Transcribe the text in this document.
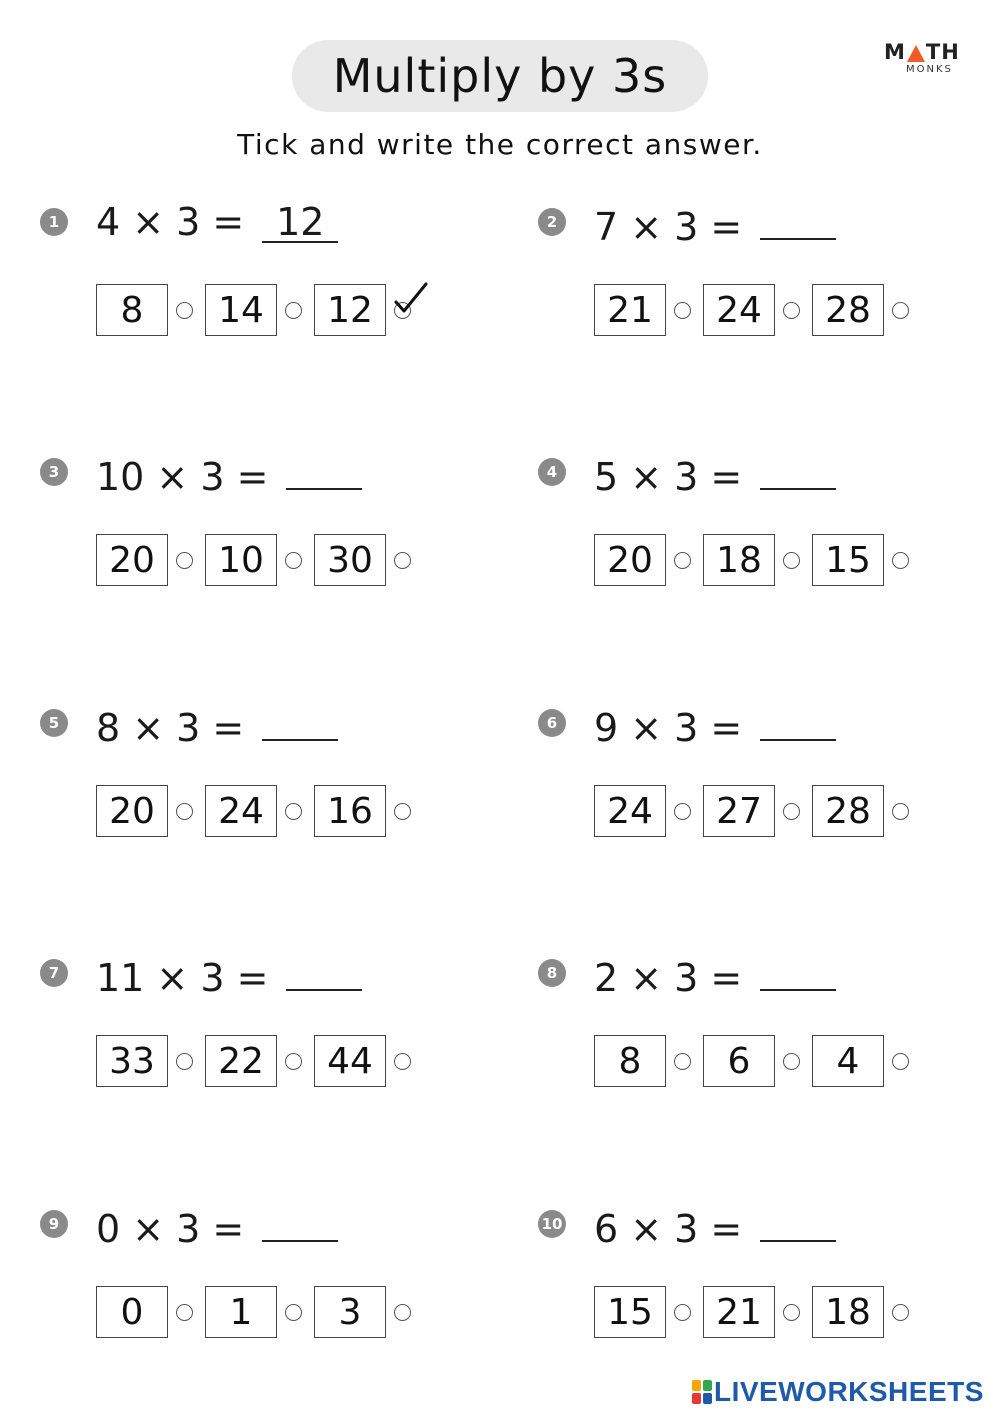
Multiply by 3s	M TH
MONKS
Tick and write the correct answer.
1 4 × 3 = 12
8	14	12
2 7 × 3 =
21	24	28
3 10 × 3 =
20	10	30
4 5 × 3 =
20	18	15
5 8 × 3 =
20	24	16
6 9 × 3 =
24	27	28
7 11 × 3 =
33	22	44
8 2 × 3 =
8	6	4
9 0 × 3 =
0	1	3
10 6 × 3 =
15	21	18
LIVEWORKSHEETS
